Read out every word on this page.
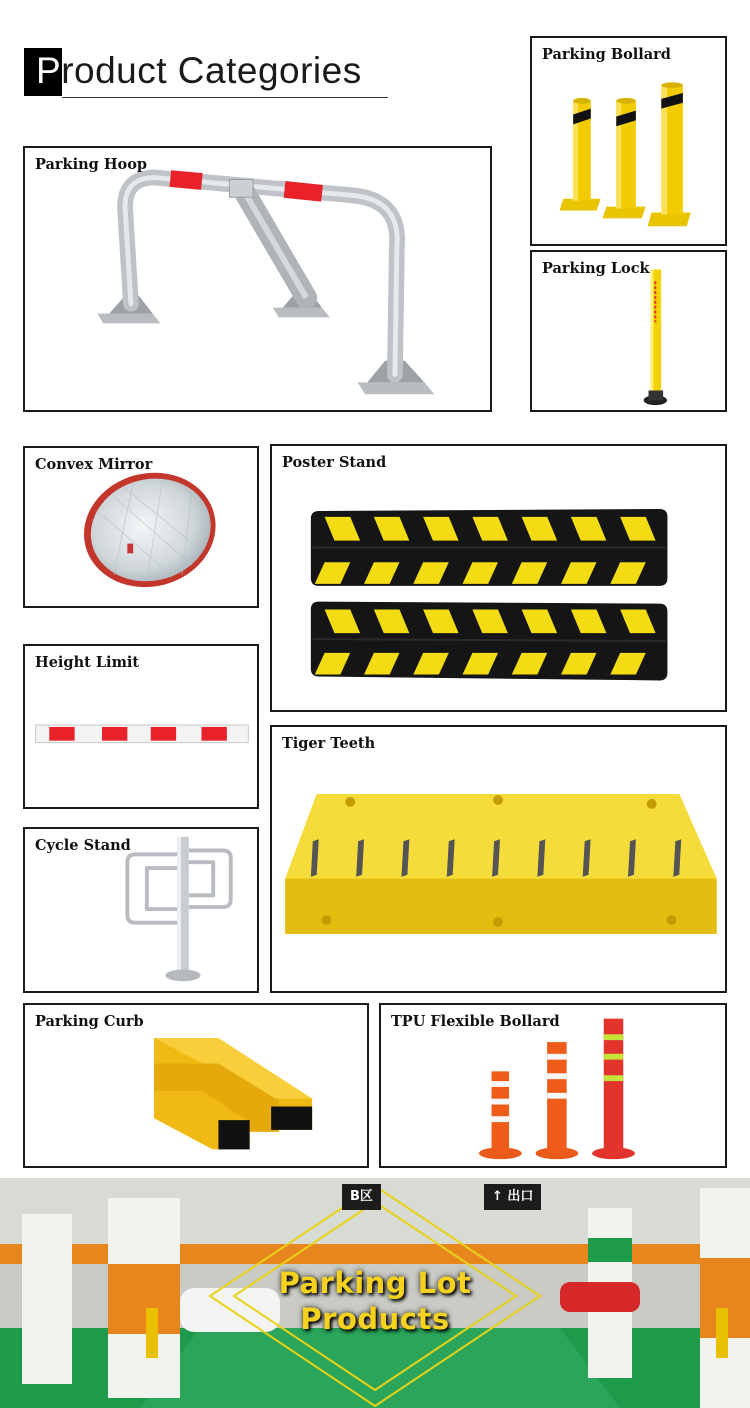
Product Categories
Parking Hoop
Parking Bollard
Parking Lock
Convex Mirror	Poster Stand
Height Limit
Tiger Teeth
Cycle Stand
Parking Curb	TPU Flexible Bollard
B区	↑ 出口
Parking Lot
Products
